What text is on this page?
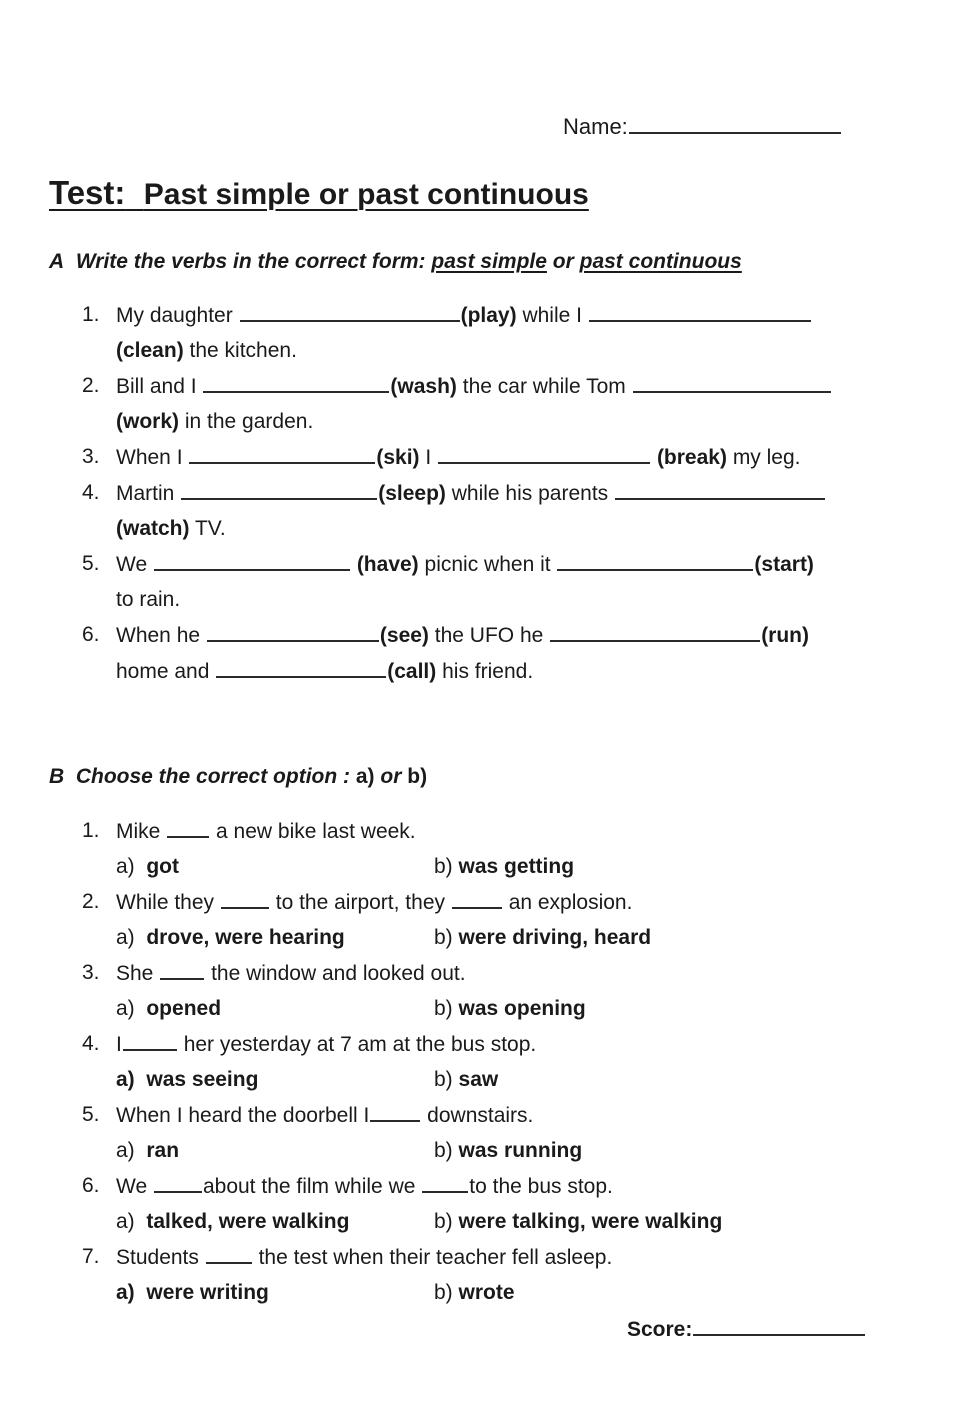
Name:
Test: Past simple or past continuous
A Write the verbs in the correct form: past simple or past continuous
1. My daughter	(play) while I
(clean) the kitchen.
2. Bill and I	(wash) the car while Tom
(work) in the garden.
3. When I	(ski) I	(break) my leg.
4. Martin	(sleep) while his parents
(watch) TV.
5. We	(have) picnic when it	(start)
to rain.
6. When he	(see) the UFO he	(run)
home and	(call) his friend.
B Choose the correct option : a) or b)
1. Mike	a new bike last week.
a) got	b) was getting
2. While they	to the airport, they	an explosion.
a) drove, were hearing	b) were driving, heard
3. She	the window and looked out.
a) opened	b) was opening
4. I	her yesterday at 7 am at the bus stop.
a) was seeing	b) saw
5. When I heard the doorbell I	downstairs.
a) ran	b) was running
6. We	about the film while we	to the bus stop.
a) talked, were walking	b) were talking, were walking
7. Students	the test when their teacher fell asleep.
a) were writing	b) wrote
Score:
